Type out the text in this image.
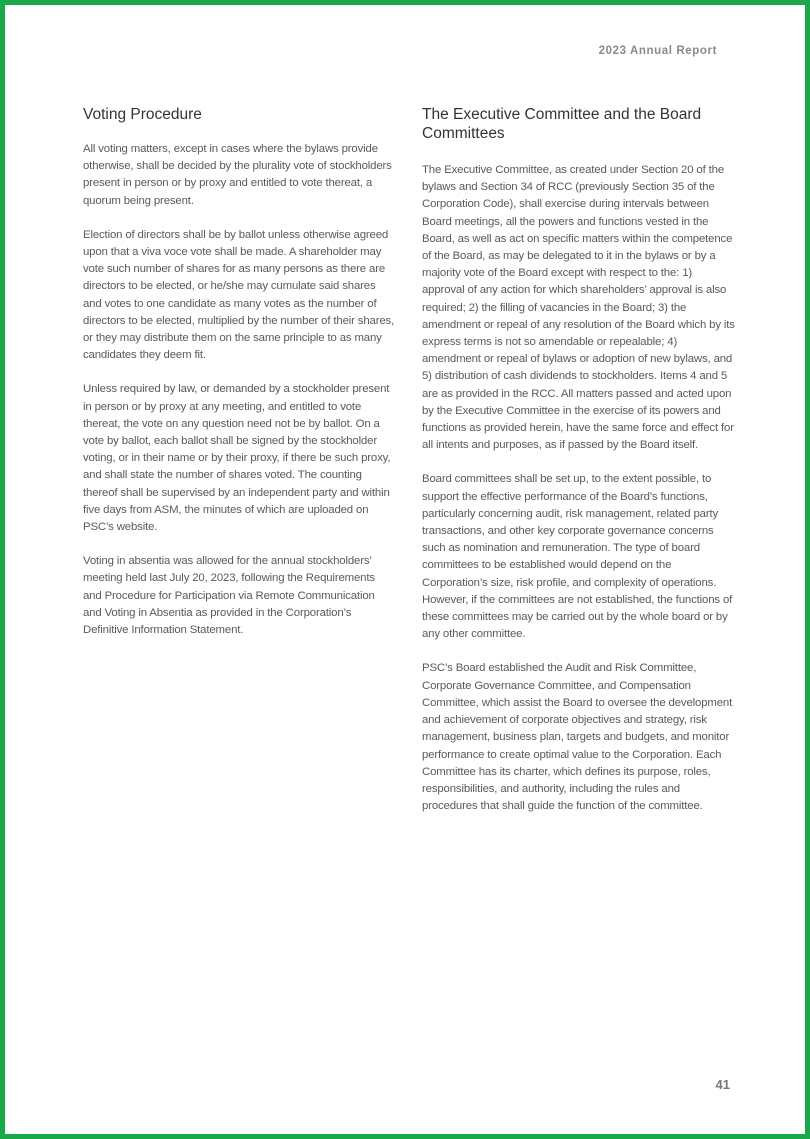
2023 Annual Report
Voting Procedure

All voting matters, except in cases where the bylaws provide otherwise, shall be decided by the plurality vote of stockholders present in person or by proxy and entitled to vote thereat, a quorum being present.

Election of directors shall be by ballot unless otherwise agreed upon that a viva voce vote shall be made. A shareholder may vote such number of shares for as many persons as there are directors to be elected, or he/she may cumulate said shares and votes to one candidate as many votes as the number of directors to be elected, multiplied by the number of their shares, or they may distribute them on the same principle to as many candidates they deem fit.

Unless required by law, or demanded by a stockholder present in person or by proxy at any meeting, and entitled to vote thereat, the vote on any question need not be by ballot. On a vote by ballot, each ballot shall be signed by the stockholder voting, or in their name or by their proxy, if there be such proxy, and shall state the number of shares voted. The counting thereof shall be supervised by an independent party and within five days from ASM, the minutes of which are uploaded on PSC’s website.

Voting in absentia was allowed for the annual stockholders’ meeting held last July 20, 2023, following the Requirements and Procedure for Participation via Remote Communication and Voting in Absentia as provided in the Corporation’s Definitive Information Statement.

The Executive Committee and the Board Committees

The Executive Committee, as created under Section 20 of the bylaws and Section 34 of RCC (previously Section 35 of the Corporation Code), shall exercise during intervals between Board meetings, all the powers and functions vested in the Board, as well as act on specific matters within the competence of the Board, as may be delegated to it in the bylaws or by a majority vote of the Board except with respect to the: 1) approval of any action for which shareholders’ approval is also required; 2) the filling of vacancies in the Board; 3) the amendment or repeal of any resolution of the Board which by its express terms is not so amendable or repealable; 4) amendment or repeal of bylaws or adoption of new bylaws, and 5) distribution of cash dividends to stockholders. Items 4 and 5 are as provided in the RCC. All matters passed and acted upon by the Executive Committee in the exercise of its powers and functions as provided herein, have the same force and effect for all intents and purposes, as if passed by the Board itself.

Board committees shall be set up, to the extent possible, to support the effective performance of the Board’s functions, particularly concerning audit, risk management, related party transactions, and other key corporate governance concerns such as nomination and remuneration. The type of board committees to be established would depend on the Corporation’s size, risk profile, and complexity of operations. However, if the committees are not established, the functions of these committees may be carried out by the whole board or by any other committee.

PSC’s Board established the Audit and Risk Committee, Corporate Governance Committee, and Compensation Committee, which assist the Board to oversee the development and achievement of corporate objectives and strategy, risk management, business plan, targets and budgets, and monitor performance to create optimal value to the Corporation. Each Committee has its charter, which defines its purpose, roles, responsibilities, and authority, including the rules and procedures that shall guide the function of the committee.

41
